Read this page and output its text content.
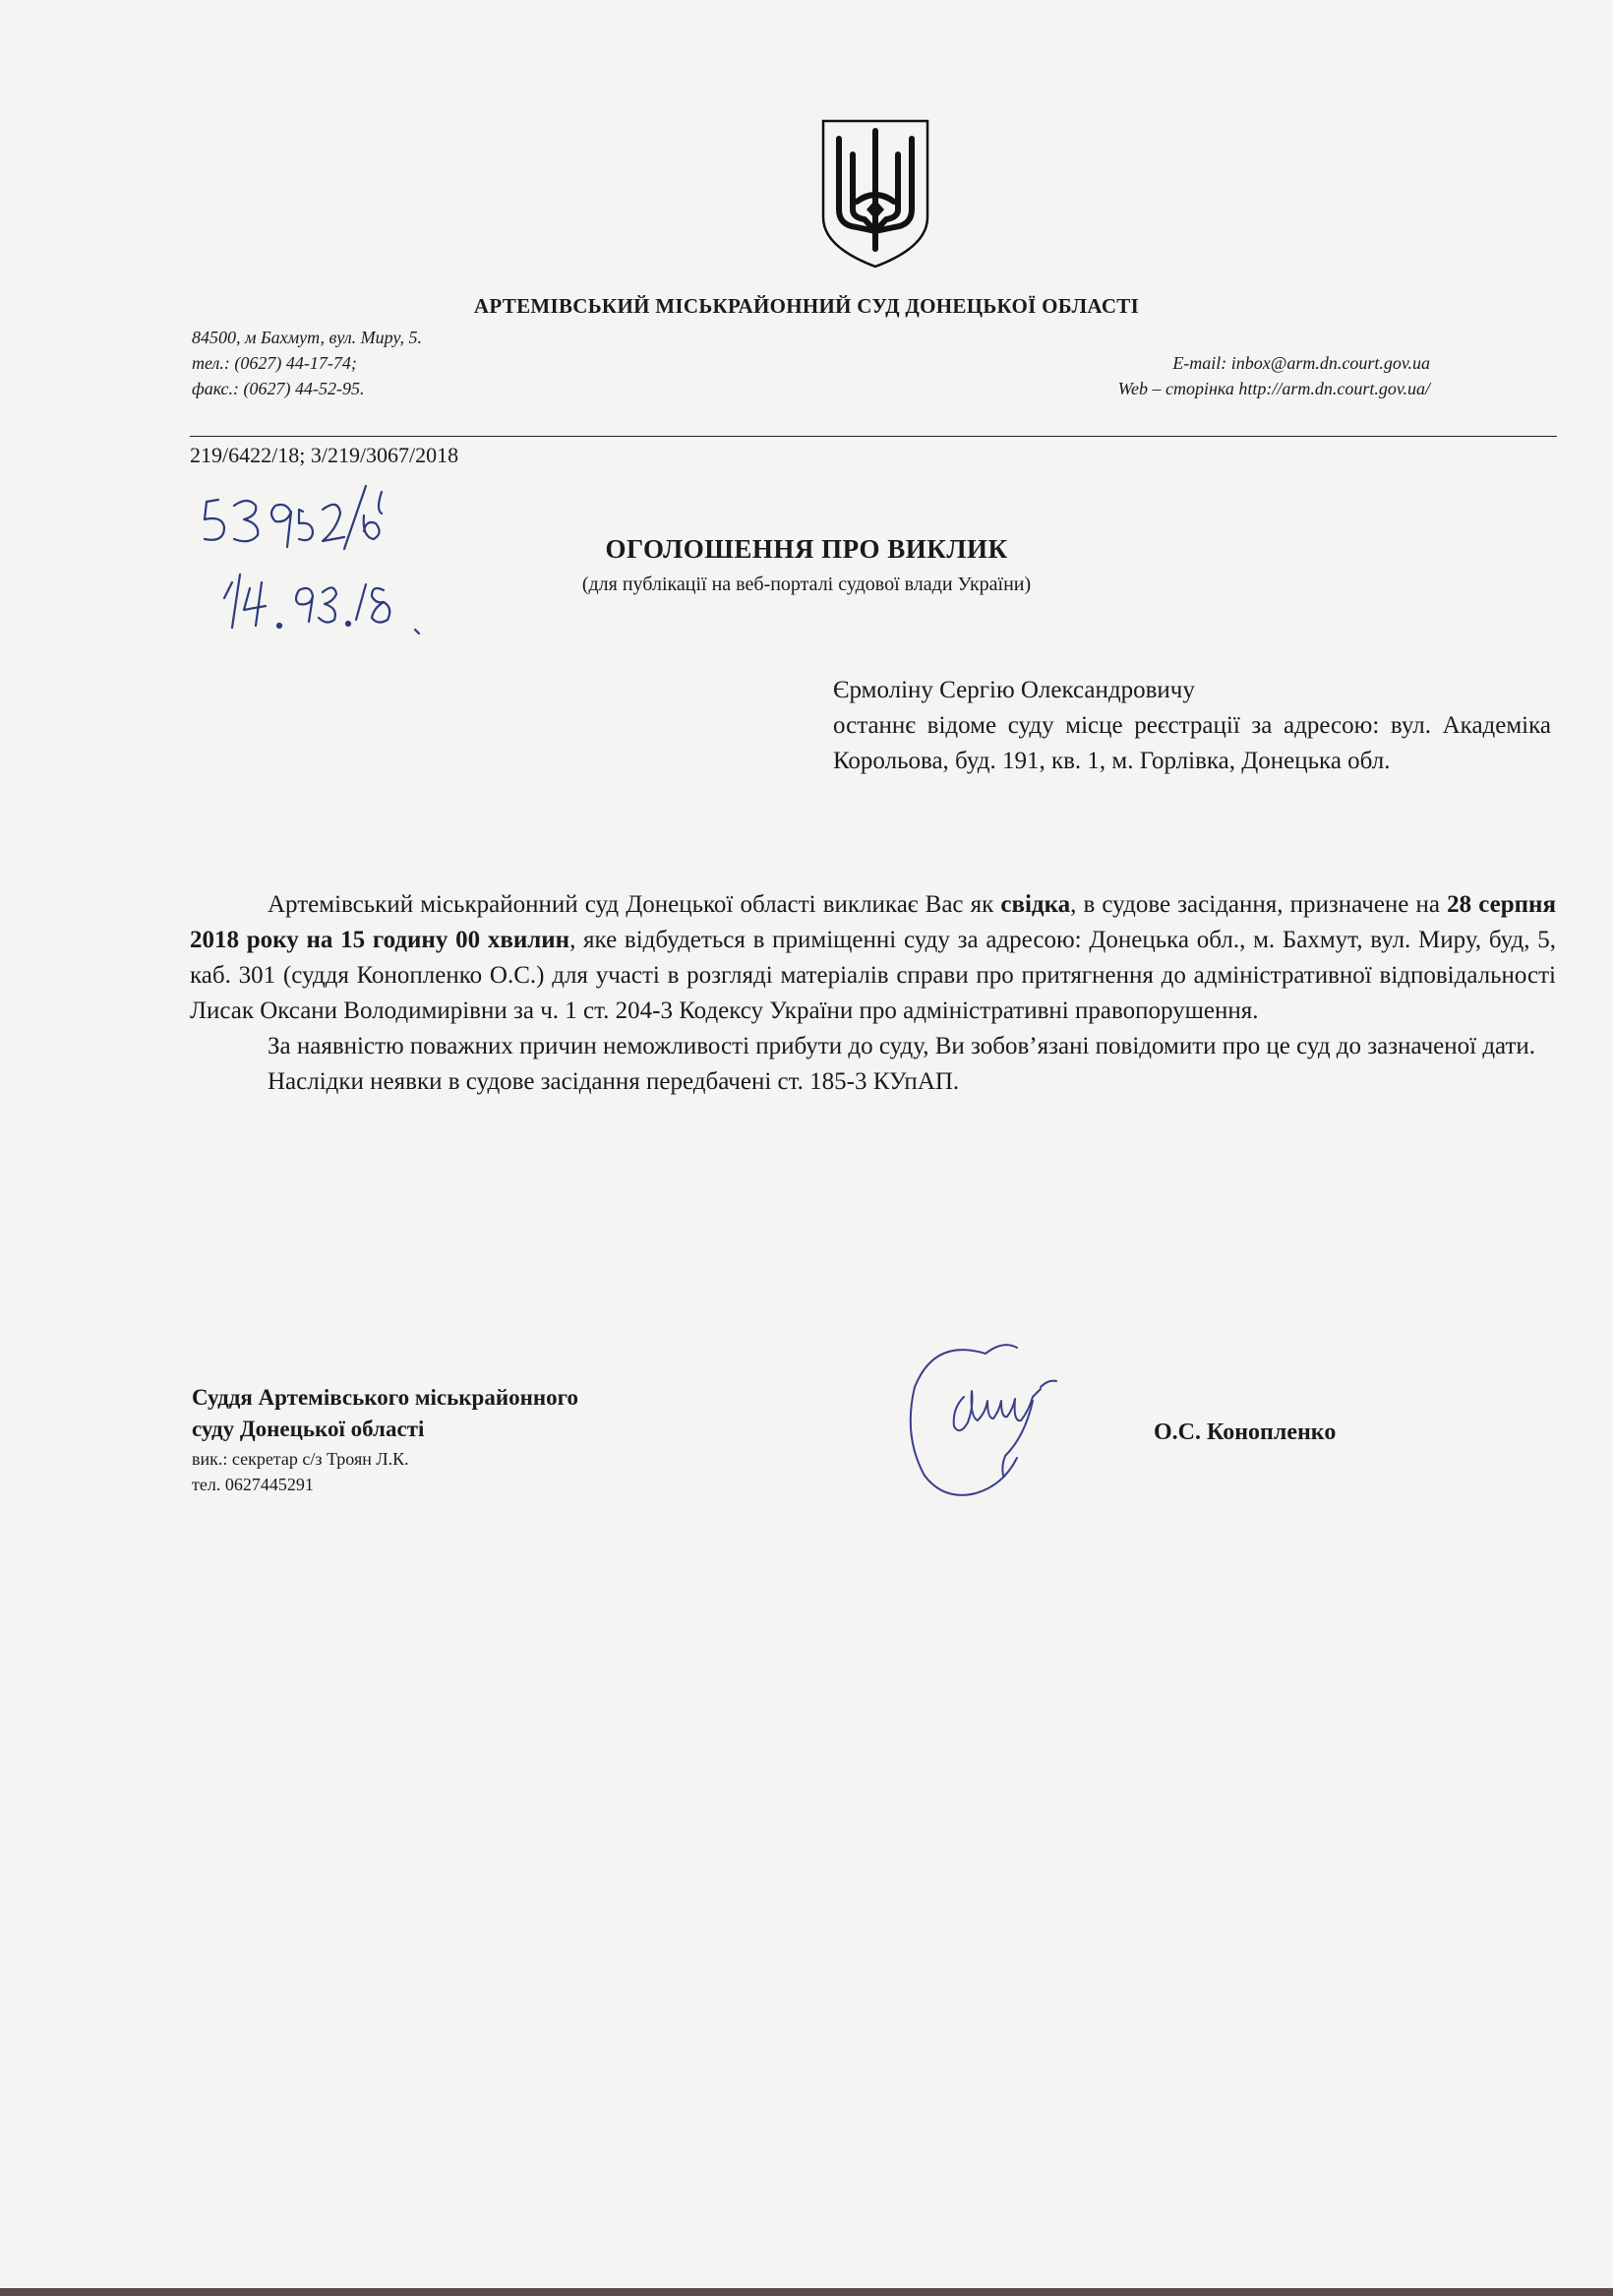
АРТЕМІВСЬКИЙ МІСЬКРАЙОННИЙ СУД ДОНЕЦЬКОЇ ОБЛАСТІ
84500, м Бахмут, вул. Миру, 5.
тел.: (0627) 44-17-74;
факс.: (0627) 44-52-95.
E-mail: inbox@arm.dn.court.gov.ua
Web – сторінка http://arm.dn.court.gov.ua/
219/6422/18; 3/219/3067/2018
ОГОЛОШЕННЯ ПРО ВИКЛИК
(для публікації на веб-порталі судової влади України)

Єрмоліну Сергію Олександровичу

останнє відоме суду місце реєстрації за адресою: вул. Академіка Корольова, буд. 191, кв. 1, м. Горлівка, Донецька обл.

Артемівський міськрайонний суд Донецької області викликає Вас як свідка, в судове засідання, призначене на 28 серпня 2018 року на 15 годину 00 хвилин, яке відбудеться в приміщенні суду за адресою: Донецька обл., м. Бахмут, вул. Миру, буд, 5, каб. 301 (суддя Конопленко О.С.) для участі в розгляді матеріалів справи про притягнення до адміністративної відповідальності Лисак Оксани Володимирівни за ч. 1 ст. 204-3 Кодексу України про адміністративні правопорушення.

За наявністю поважних причин неможливості прибути до суду, Ви зобов’язані повідомити про це суд до зазначеної дати.

Наслідки неявки в судове засідання передбачені ст. 185-3 КУпАП.

Суддя Артемівського міськрайонного
суду Донецької області
вик.: секретар с/з Троян Л.К.
тел. 0627445291
О.С. Конопленко
